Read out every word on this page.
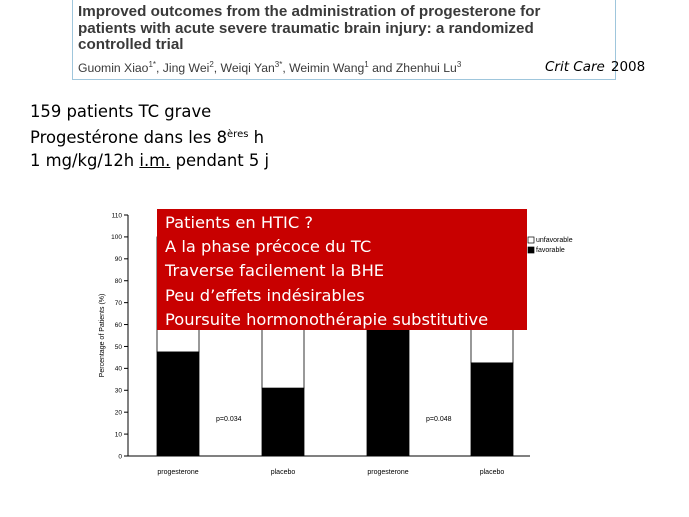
Improved outcomes from the administration of progesterone for
patients with acute severe traumatic brain injury: a randomized
controlled trial
Guomin Xiao$^{1*}$, Jing Wei$^2$, Weiqi Yan$^{3*}$, Weimin Wang$^1$ and Zhenhui Lu$^3$	Crit Care 2008
159 patients TC grave
Progestérone dans les 8ères h
1 mg/kg/12h i.m. pendant 5 j
0
10
20
30
40
50
60
70
80
90
100
110
progesterone	placebo	progesterone	placebo
unfavorable
favorable
p=0.034	p=0.048
Percentage of Patients (%)
Patients en HTIC ?
A la phase précoce du TC
Traverse facilement la BHE
Peu d’effets indésirables
Poursuite hormonothérapie substitutive
